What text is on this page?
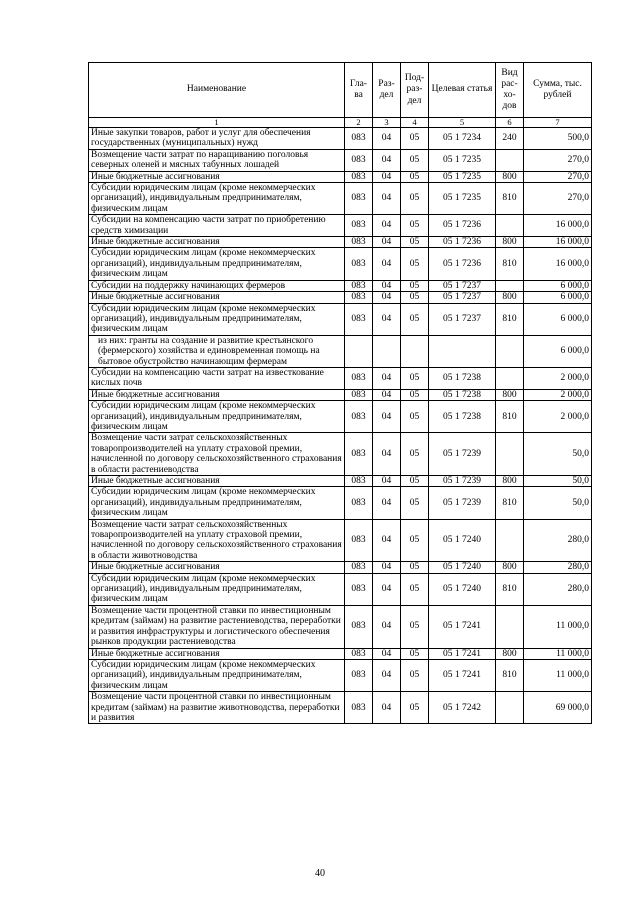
Наименование	Гла-ва	Раз-дел	Под-раз-дел	Целевая статья	Вид рас-хо-дов	Сумма, тыс. рублей
1	2	3	4	5	6	7
Иные закупки товаров, работ и услуг для обеспечения государственных (муниципальных) нужд	083	04	05	05 1 7234	240	500,0
Возмещение части затрат по наращиванию поголовья северных оленей и мясных табунных лошадей	083	04	05	05 1 7235		270,0
Иные бюджетные ассигнования	083	04	05	05 1 7235	800	270,0
Субсидии юридическим лицам (кроме некоммерческих организаций), индивидуальным предпринимателям, физическим лицам	083	04	05	05 1 7235	810	270,0
Субсидии на компенсацию части затрат по приобретению средств химизации	083	04	05	05 1 7236		16 000,0
Иные бюджетные ассигнования	083	04	05	05 1 7236	800	16 000,0
Субсидии юридическим лицам (кроме некоммерческих организаций), индивидуальным предпринимателям, физическим лицам	083	04	05	05 1 7236	810	16 000,0
Субсидии на поддержку начинающих фермеров	083	04	05	05 1 7237		6 000,0
Иные бюджетные ассигнования	083	04	05	05 1 7237	800	6 000,0
Субсидии юридическим лицам (кроме некоммерческих организаций), индивидуальным предпринимателям, физическим лицам	083	04	05	05 1 7237	810	6 000,0
из них: гранты на создание и развитие крестьянского (фермерского) хозяйства и единовременная помощь на бытовое обустройство начинающим фермерам						6 000,0
Субсидии на компенсацию части затрат на известкование кислых почв	083	04	05	05 1 7238		2 000,0
Иные бюджетные ассигнования	083	04	05	05 1 7238	800	2 000,0
Субсидии юридическим лицам (кроме некоммерческих организаций), индивидуальным предпринимателям, физическим лицам	083	04	05	05 1 7238	810	2 000,0
Возмещение части затрат сельскохозяйственных товаропроизводителей на уплату страховой премии, начисленной по договору сельскохозяйственного страхования в области растениеводства	083	04	05	05 1 7239		50,0
Иные бюджетные ассигнования	083	04	05	05 1 7239	800	50,0
Субсидии юридическим лицам (кроме некоммерческих организаций), индивидуальным предпринимателям, физическим лицам	083	04	05	05 1 7239	810	50,0
Возмещение части затрат сельскохозяйственных товаропроизводителей на уплату страховой премии, начисленной по договору сельскохозяйственного страхования в области животноводства	083	04	05	05 1 7240		280,0
Иные бюджетные ассигнования	083	04	05	05 1 7240	800	280,0
Субсидии юридическим лицам (кроме некоммерческих организаций), индивидуальным предпринимателям, физическим лицам	083	04	05	05 1 7240	810	280,0
Возмещение части процентной ставки по инвестиционным кредитам (займам) на развитие растениеводства, переработки и развития инфраструктуры и логистического обеспечения рынков продукции растениеводства	083	04	05	05 1 7241		11 000,0
Иные бюджетные ассигнования	083	04	05	05 1 7241	800	11 000,0
Субсидии юридическим лицам (кроме некоммерческих организаций), индивидуальным предпринимателям, физическим лицам	083	04	05	05 1 7241	810	11 000,0
Возмещение части процентной ставки по инвестиционным кредитам (займам) на развитие животноводства, переработки и развития	083	04	05	05 1 7242		69 000,0
40
